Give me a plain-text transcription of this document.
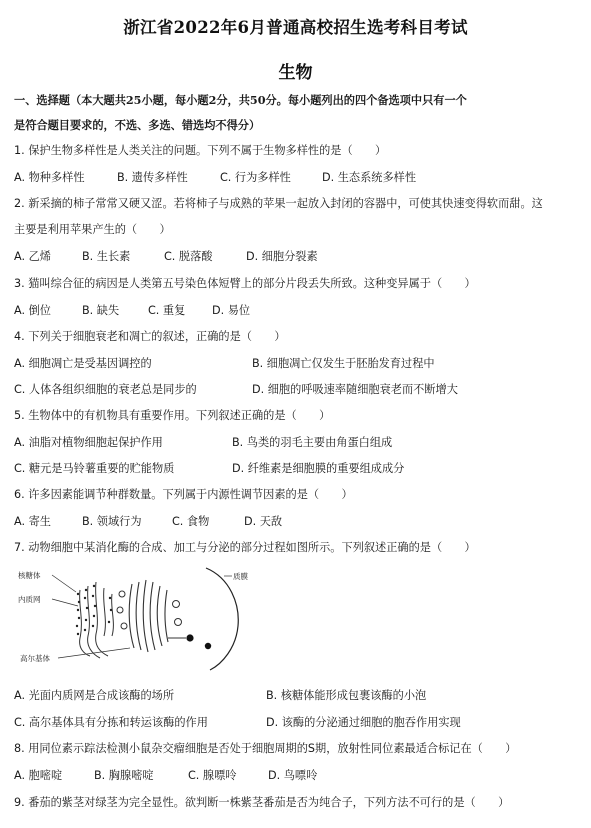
浙江省2022年6月普通高校招生选考科目考试
生物
一、选择题（本大题共25小题，每小题2分，共50分。每小题列出的四个备选项中只有一个
是符合题目要求的，不选、多选、错选均不得分）
1. 保护生物多样性是人类关注的问题。下列不属于生物多样性的是（　　）
A. 物种多样性	B. 遗传多样性	C. 行为多样性	D. 生态系统多样性
2. 新采摘的柿子常常又硬又涩。若将柿子与成熟的苹果一起放入封闭的容器中，可使其快速变得软而甜。这
主要是利用苹果产生的（　　）
A. 乙烯	B. 生长素	C. 脱落酸	D. 细胞分裂素
3. 猫叫综合征的病因是人类第五号染色体短臂上的部分片段丢失所致。这种变异属于（　　）
A. 倒位	B. 缺失	C. 重复 D. 易位
4. 下列关于细胞衰老和凋亡的叙述，正确的是（　　）
A. 细胞凋亡是受基因调控的	B. 细胞凋亡仅发生于胚胎发育过程中
C. 人体各组织细胞的衰老总是同步的	D. 细胞的呼吸速率随细胞衰老而不断增大
5. 生物体中的有机物具有重要作用。下列叙述正确的是（　　）
A. 油脂对植物细胞起保护作用	B. 鸟类的羽毛主要由角蛋白组成
C. 糖元是马铃薯重要的贮能物质	D. 纤维素是细胞膜的重要组成成分
6. 许多因素能调节种群数量。下列属于内源性调节因素的是（　　）
A. 寄生	B. 领域行为	C. 食物	D. 天敌
7. 动物细胞中某消化酶的合成、加工与分泌的部分过程如图所示。下列叙述正确的是（　　）
核糖体
内质网
高尔基体
质膜
A. 光面内质网是合成该酶的场所	B. 核糖体能形成包裹该酶的小泡
C. 高尔基体具有分拣和转运该酶的作用	D. 该酶的分泌通过细胞的胞吞作用实现
8. 用同位素示踪法检测小鼠杂交瘤细胞是否处于细胞周期的S期，放射性同位素最适合标记在（　　）
A. 胞嘧啶	B. 胸腺嘧啶	C. 腺嘌呤	D. 鸟嘌呤
9. 番茄的紫茎对绿茎为完全显性。欲判断一株紫茎番茄是否为纯合子，下列方法不可行的是（　　）
